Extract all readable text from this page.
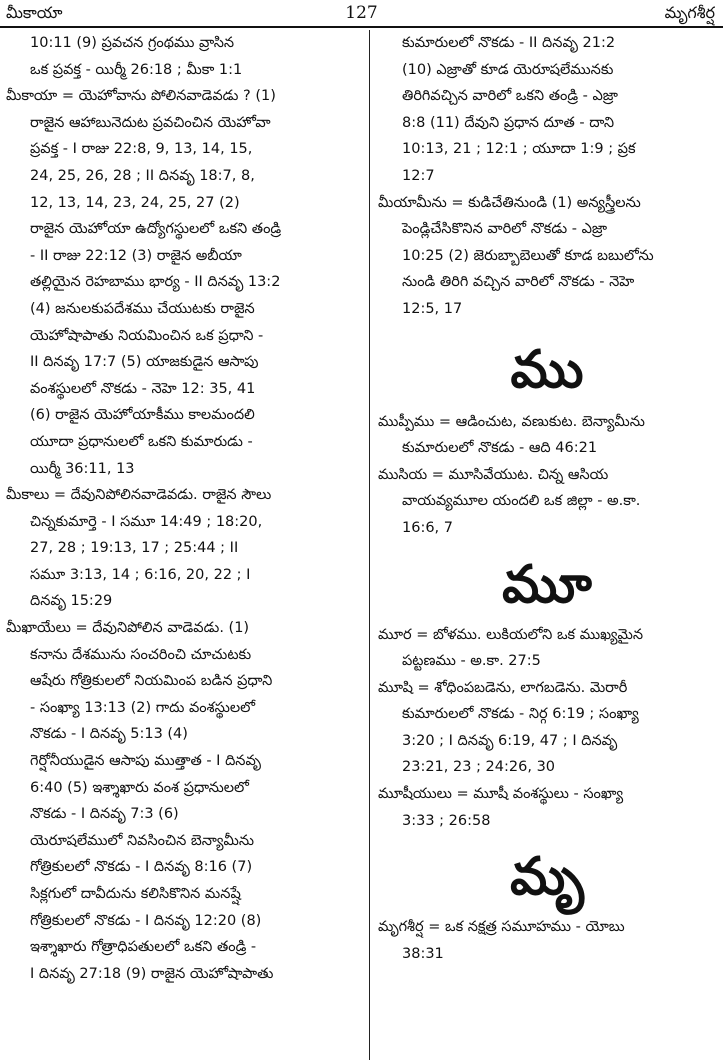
మీకాయా	127	మృగశీర్ష
10:11 (9) ప్రవచన గ్రంథము వ్రాసిన
ఒక ప్రవక్త - యిర్మీ 26:18 ; మీకా 1:1
మీకాయా = యెహోవాను పోలినవాడెవడు ? (1)
రాజైన ఆహాబునెదుట ప్రవచించిన యెహోవా
ప్రవక్త - I రాజు 22:8, 9, 13, 14, 15,
24, 25, 26, 28 ; II దినవృ 18:7, 8,
12, 13, 14, 23, 24, 25, 27 (2)
రాజైన యెహోయా ఉద్యోగస్థులలో ఒకని తండ్రి
- II రాజు 22:12 (3) రాజైన అబీయా
తల్లియైన రెహబాము భార్య - II దినవృ 13:2
(4) జనులకుపదేశము చేయుటకు రాజైన
యెహోషాపాతు నియమించిన ఒక ప్రధాని -
II దినవృ 17:7 (5) యాజకుడైన ఆసాపు
వంశస్థులలో నొకడు - నెహె 12: 35, 41
(6) రాజైన యెహోయాకీము కాలమందలి
యూదా ప్రధానులలో ఒకని కుమారుడు -
యిర్మీ 36:11, 13
మీకాలు = దేవునిపోలినవాడెవడు. రాజైన సౌలు
చిన్నకుమార్తె - I సమూ 14:49 ; 18:20,
27, 28 ; 19:13, 17 ; 25:44 ; II
సమూ 3:13, 14 ; 6:16, 20, 22 ; I
దినవృ 15:29
మీఖాయేలు = దేవునిపోలిన వాడెవడు. (1)
కనాను దేశమును సంచరించి చూచుటకు
ఆషేరు గోత్రికులలో నియమింప బడిన ప్రధాని
- సంఖ్యా 13:13 (2) గాదు వంశస్థులలో
నొకడు - I దినవృ 5:13 (4)
గెర్షోనీయుడైన ఆసాపు ముత్తాత - I దినవృ
6:40 (5) ఇశ్శాఖారు వంశ ప్రధానులలో
నొకడు - I దినవృ 7:3 (6)
యెరూషలేములో నివసించిన బెన్యామీను
గోత్రికులలో నొకడు - I దినవృ 8:16 (7)
సిక్లగులో దావీదును కలిసికొనిన మనష్షే
గోత్రికులలో నొకడు - I దినవృ 12:20 (8)
ఇశ్శాఖారు గోత్రాధిపతులలో ఒకని తండ్రి -
I దినవృ 27:18 (9) రాజైన యెహోషాపాతు
కుమారులలో నొకడు - II దినవృ 21:2
(10) ఎజ్రాతో కూడ యెరూషలేమునకు
తిరిగివచ్చిన వారిలో ఒకని తండ్రి - ఎజ్రా
8:8 (11) దేవుని ప్రధాన దూత - దాని
10:13, 21 ; 12:1 ; యూదా 1:9 ; ప్రక
12:7
మీయామీను = కుడిచేతినుండి (1) అన్యస్త్రీలను
పెండ్లిచేసికొనిన వారిలో నొకడు - ఎజ్రా
10:25 (2) జెరుబ్బాబెలుతో కూడ బబులోను
నుండి తిరిగి వచ్చిన వారిలో నొకడు - నెహె
12:5, 17
ము
ముప్పీము = ఆడించుట, వణుకుట. బెన్యామీను
కుమారులలో నొకడు - ఆది 46:21
ముసియ = మూసివేయుట. చిన్న ఆసియ
వాయవ్యమూల యందలి ఒక జిల్లా - అ.కా.
16:6, 7
మూ
మూర = బోళము. లుకియలోని ఒక ముఖ్యమైన
పట్టణము - అ.కా. 27:5
మూషి = శోధింపబడెను, లాగబడెను. మెరారీ
కుమారులలో నొకడు - నిర్గ 6:19 ; సంఖ్యా
3:20 ; I దినవృ 6:19, 47 ; I దినవృ
23:21, 23 ; 24:26, 30
మూషీయులు = మూషీ వంశస్థులు - సంఖ్యా
3:33 ; 26:58
మృ
మృగశీర్ష = ఒక నక్షత్ర సమూహము - యోబు
38:31
